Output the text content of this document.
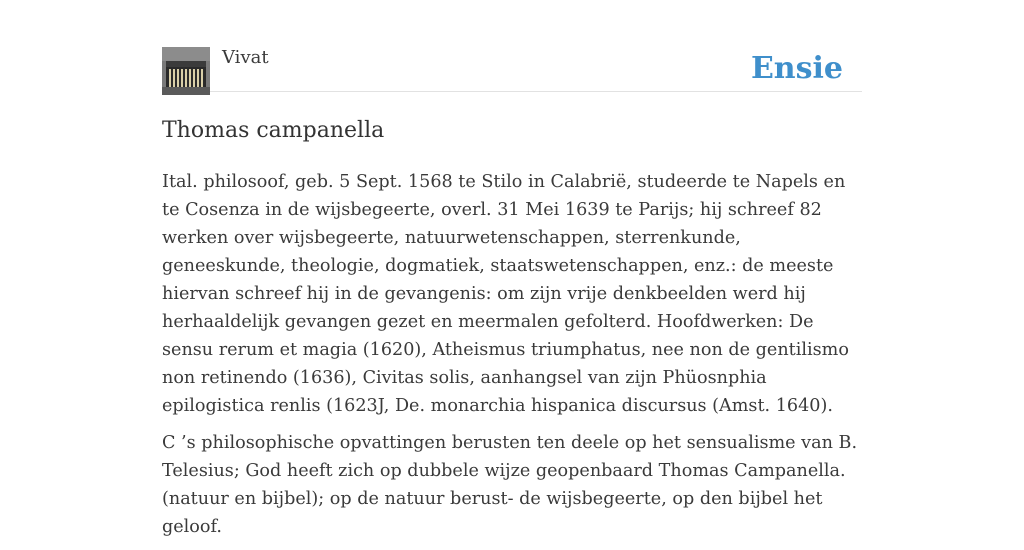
Vivat	Ensie
Thomas campanella

Ital. philosoof, geb. 5 Sept. 1568 te Stilo in Calabrië, studeerde te Napels en te Cosenza in de wijsbegeerte, overl. 31 Mei 1639 te Parijs; hij schreef 82 werken over wijsbegeerte, natuurwetenschappen, sterrenkunde, geneeskunde, theologie, dogmatiek, staatswetenschappen, enz.: de meeste hiervan schreef hij in de gevangenis: om zijn vrije denkbeelden werd hij herhaaldelijk gevangen gezet en meermalen gefolterd. Hoofdwerken: De sensu rerum et magia (1620), Atheismus triumphatus, nee non de gentilismo non retinendo (1636), Civitas solis, aanhangsel van zijn Phüosnphia epilogistica renlis (1623J, De. monarchia hispanica discursus (Amst. 1640).

C ’s philosophische opvattingen berusten ten deele op het sensualisme van B. Telesius; God heeft zich op dubbele wijze geopenbaard Thomas Campanella. (natuur en bijbel); op de natuur berust- de wijsbegeerte, op den bijbel het geloof.
